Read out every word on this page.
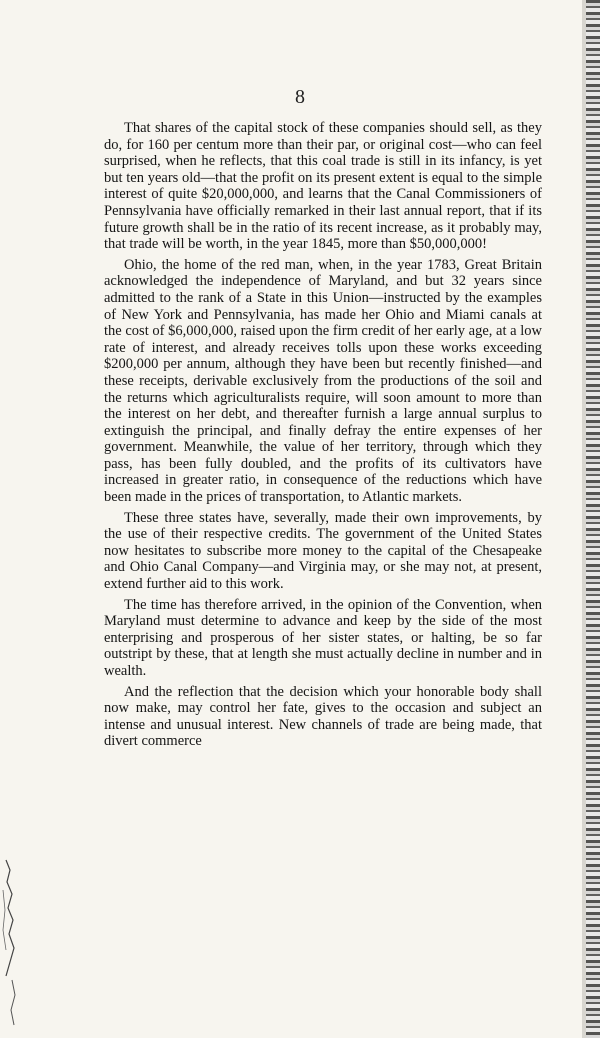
8

That shares of the capital stock of these companies should sell, as they do, for 160 per centum more than their par, or original cost—who can feel surprised, when he reflects, that this coal trade is still in its infancy, is yet but ten years old—that the profit on its present extent is equal to the simple interest of quite $20,000,000, and learns that the Canal Commissioners of Pennsylvania have officially remarked in their last annual report, that if its future growth shall be in the ratio of its recent increase, as it probably may, that trade will be worth, in the year 1845, more than $50,000,000!

Ohio, the home of the red man, when, in the year 1783, Great Britain acknowledged the independence of Maryland, and but 32 years since admitted to the rank of a State in this Union—instructed by the examples of New York and Pennsylvania, has made her Ohio and Miami canals at the cost of $6,000,000, raised upon the firm credit of her early age, at a low rate of interest, and already receives tolls upon these works exceeding $200,000 per annum, although they have been but recently finished—and these receipts, derivable exclusively from the productions of the soil and the returns which agriculturalists require, will soon amount to more than the interest on her debt, and thereafter furnish a large annual surplus to extinguish the principal, and finally defray the entire expenses of her government. Meanwhile, the value of her territory, through which they pass, has been fully doubled, and the profits of its cultivators have increased in greater ratio, in consequence of the reductions which have been made in the prices of transportation, to Atlantic markets.

These three states have, severally, made their own improvements, by the use of their respective credits. The government of the United States now hesitates to subscribe more money to the capital of the Chesapeake and Ohio Canal Company—and Virginia may, or she may not, at present, extend further aid to this work.

The time has therefore arrived, in the opinion of the Convention, when Maryland must determine to advance and keep by the side of the most enterprising and prosperous of her sister states, or halting, be so far outstript by these, that at length she must actually decline in number and in wealth.

And the reflection that the decision which your honorable body shall now make, may control her fate, gives to the occasion and subject an intense and unusual interest. New channels of trade are being made, that divert commerce
